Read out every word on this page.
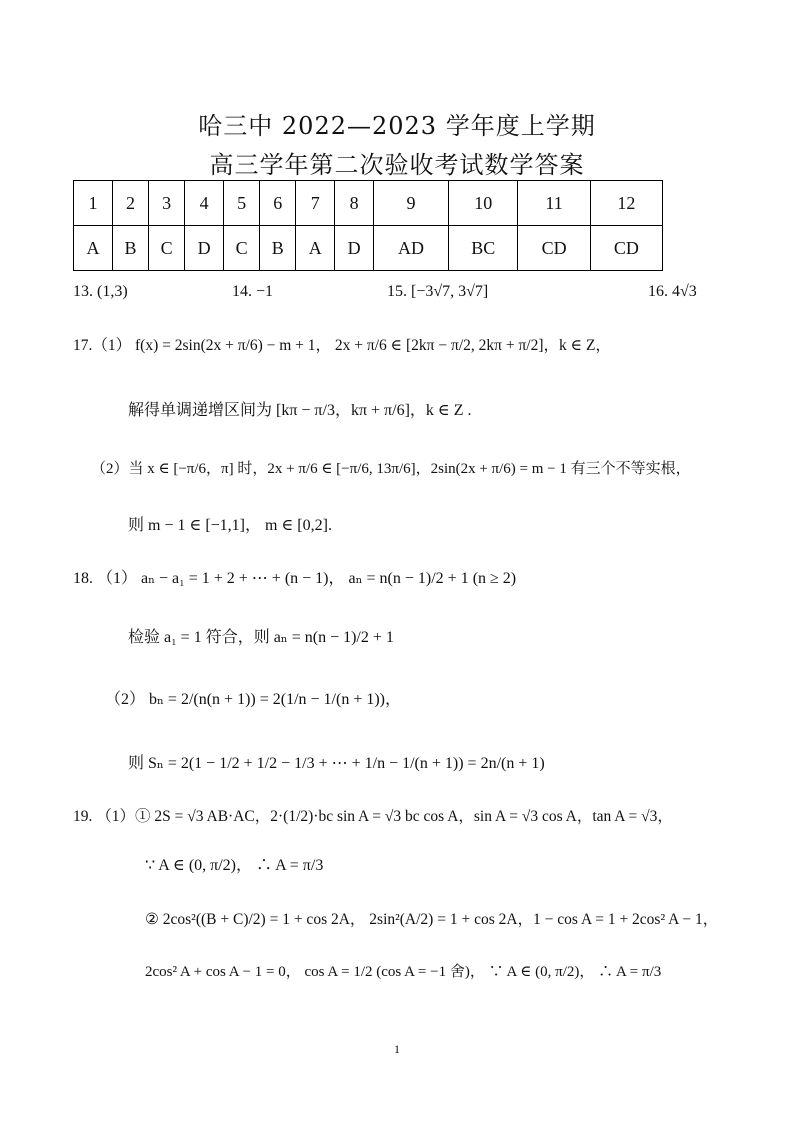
哈三中 2022—2023 学年度上学期
高三学年第二次验收考试数学答案
1	2	3	4	5	6	7	8	9	10	11	12
A	B	C	D	C	B	A	D	AD	BC	CD	CD
13. (1,3)	14. −1	15. [−3√7, 3√7]	16. 4√3
17.（1） f(x) = 2sin(2x + π/6) − m + 1， 2x + π/6 ∈ [2kπ − π/2, 2kπ + π/2]，k ∈ Z，
解得单调递增区间为 [kπ − π/3，kπ + π/6]，k ∈ Z .
（2）当 x ∈ [−π/6，π] 时，2x + π/6 ∈ [−π/6, 13π/6]，2sin(2x + π/6) = m − 1 有三个不等实根，
则 m − 1 ∈ [−1,1]， m ∈ [0,2].
18. （1） aₙ − a₁ = 1 + 2 + ⋯ + (n − 1)， aₙ = n(n − 1)/2 + 1 (n ≥ 2)
检验 a₁ = 1 符合，则 aₙ = n(n − 1)/2 + 1
（2） bₙ = 2/(n(n + 1)) = 2(1/n − 1/(n + 1))，
则 Sₙ = 2(1 − 1/2 + 1/2 − 1/3 + ⋯ + 1/n − 1/(n + 1)) = 2n/(n + 1)
19. （1）① 2S = √3 AB·AC，2·(1/2)·bc sin A = √3 bc cos A，sin A = √3 cos A，tan A = √3，
∵ A ∈ (0, π/2)， ∴ A = π/3
② 2cos²((B + C)/2) = 1 + cos 2A， 2sin²(A/2) = 1 + cos 2A，1 − cos A = 1 + 2cos² A − 1，
2cos² A + cos A − 1 = 0， cos A = 1/2 (cos A = −1 舍)， ∵ A ∈ (0, π/2)， ∴ A = π/3
1
